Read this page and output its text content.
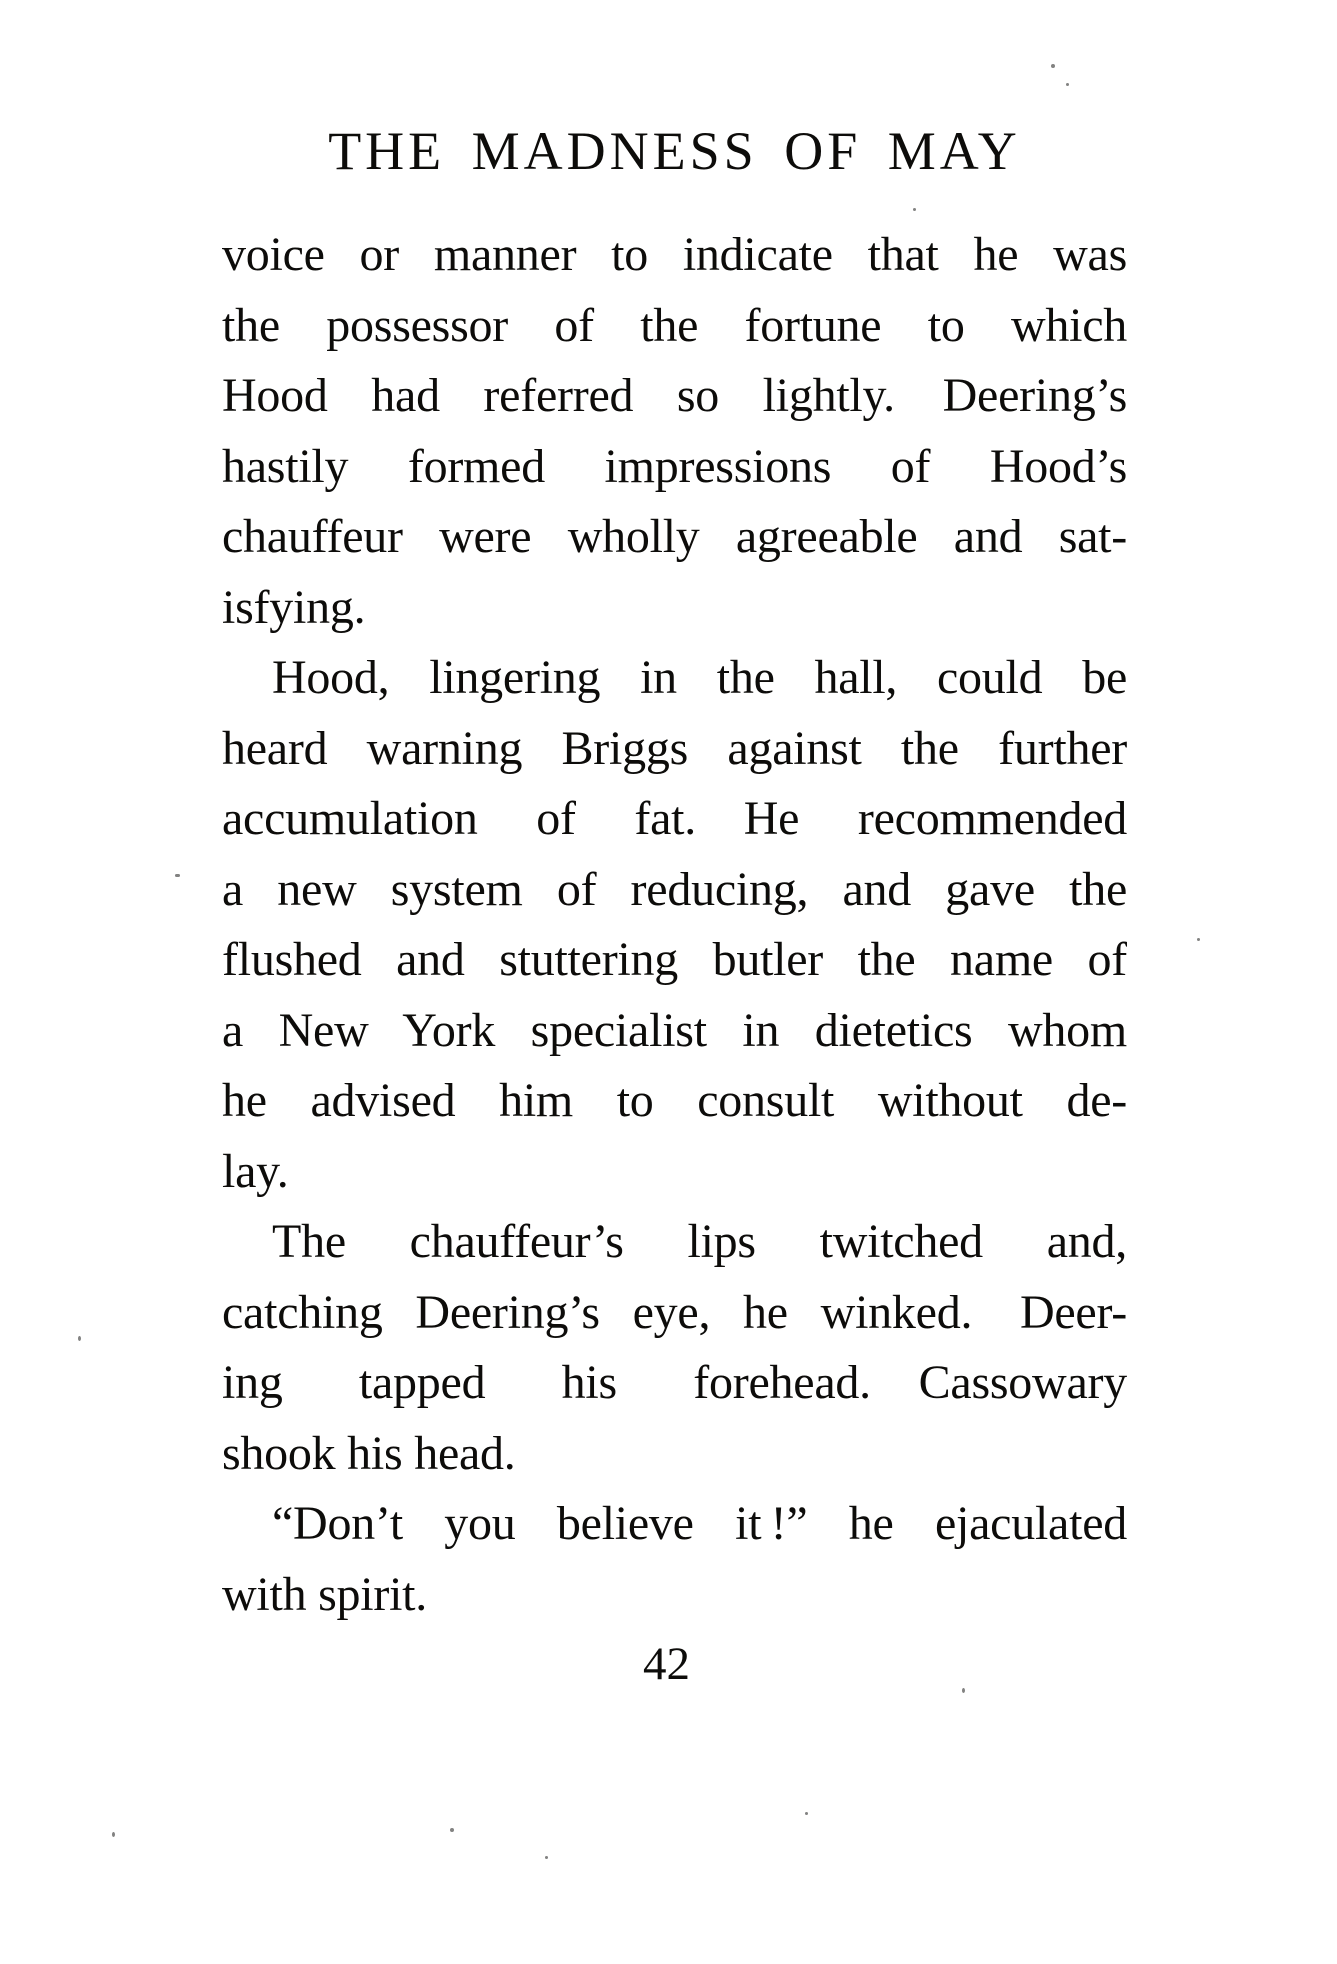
THE MADNESS OF MAY
voice or manner to indicate that he was
the possessor of the fortune to which
Hood had referred so lightly. Deering’s
hastily formed impressions of Hood’s
chauffeur were wholly agreeable and sat-
isfying.
Hood, lingering in the hall, could be
heard warning Briggs against the further
accumulation of fat. He recommended
a new system of reducing, and gave the
flushed and stuttering butler the name of
a New York specialist in dietetics whom
he advised him to consult without de-
lay.
The chauffeur’s lips twitched and,
catching Deering’s eye, he winked. Deer-
ing tapped his forehead. Cassowary
shook his head.
“Don’t you believe it !” he ejaculated
with spirit.
42
